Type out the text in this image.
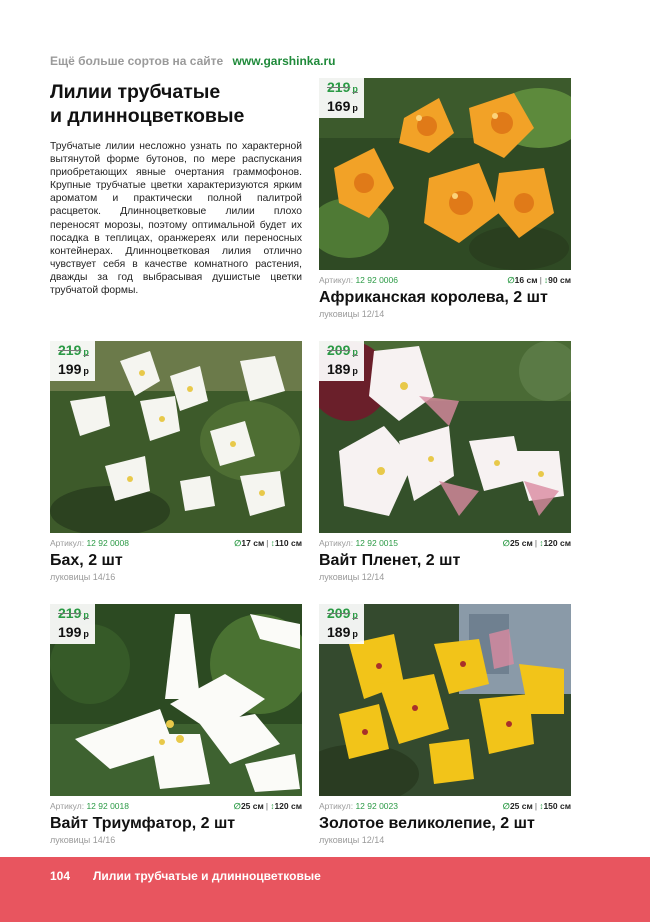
Ещё больше сортов на сайте www.garshinka.ru
Лилии трубчатые
и длинноцветковые
Трубчатые лилии несложно узнать по характерной вытянутой форме бутонов, по мере распускания приобретающих явные очертания граммофонов. Крупные трубчатые цветки характеризуются ярким ароматом и практически полной палитрой расцветок. Длинноцветковые лилии плохо переносят морозы, поэтому оптимальной будет их посадка в теплицах, оранжереях или переносных контейнерах. Длинноцветковая лилия отлично чувствует себя в качестве комнатного растения, дважды за год выбрасывая душистые цветки трубчатой формы.
219 р
169 р
Артикул: 12 92 0006	∅16 см | ↕90 см
Африканская королева, 2 шт
луковицы 12/14
219 р
199 р
Артикул: 12 92 0008	∅17 см | ↕110 см
Бах, 2 шт
луковицы 14/16
209 р
189 р
Артикул: 12 92 0015	∅25 см | ↕120 см
Вайт Пленет, 2 шт
луковицы 12/14
219 р
199 р
Артикул: 12 92 0018	∅25 см | ↕120 см
Вайт Триумфатор, 2 шт
луковицы 14/16
209 р
189 р
Артикул: 12 92 0023	∅25 см | ↕150 см
Золотое великолепие, 2 шт
луковицы 12/14
104 Лилии трубчатые и длинноцветковые
